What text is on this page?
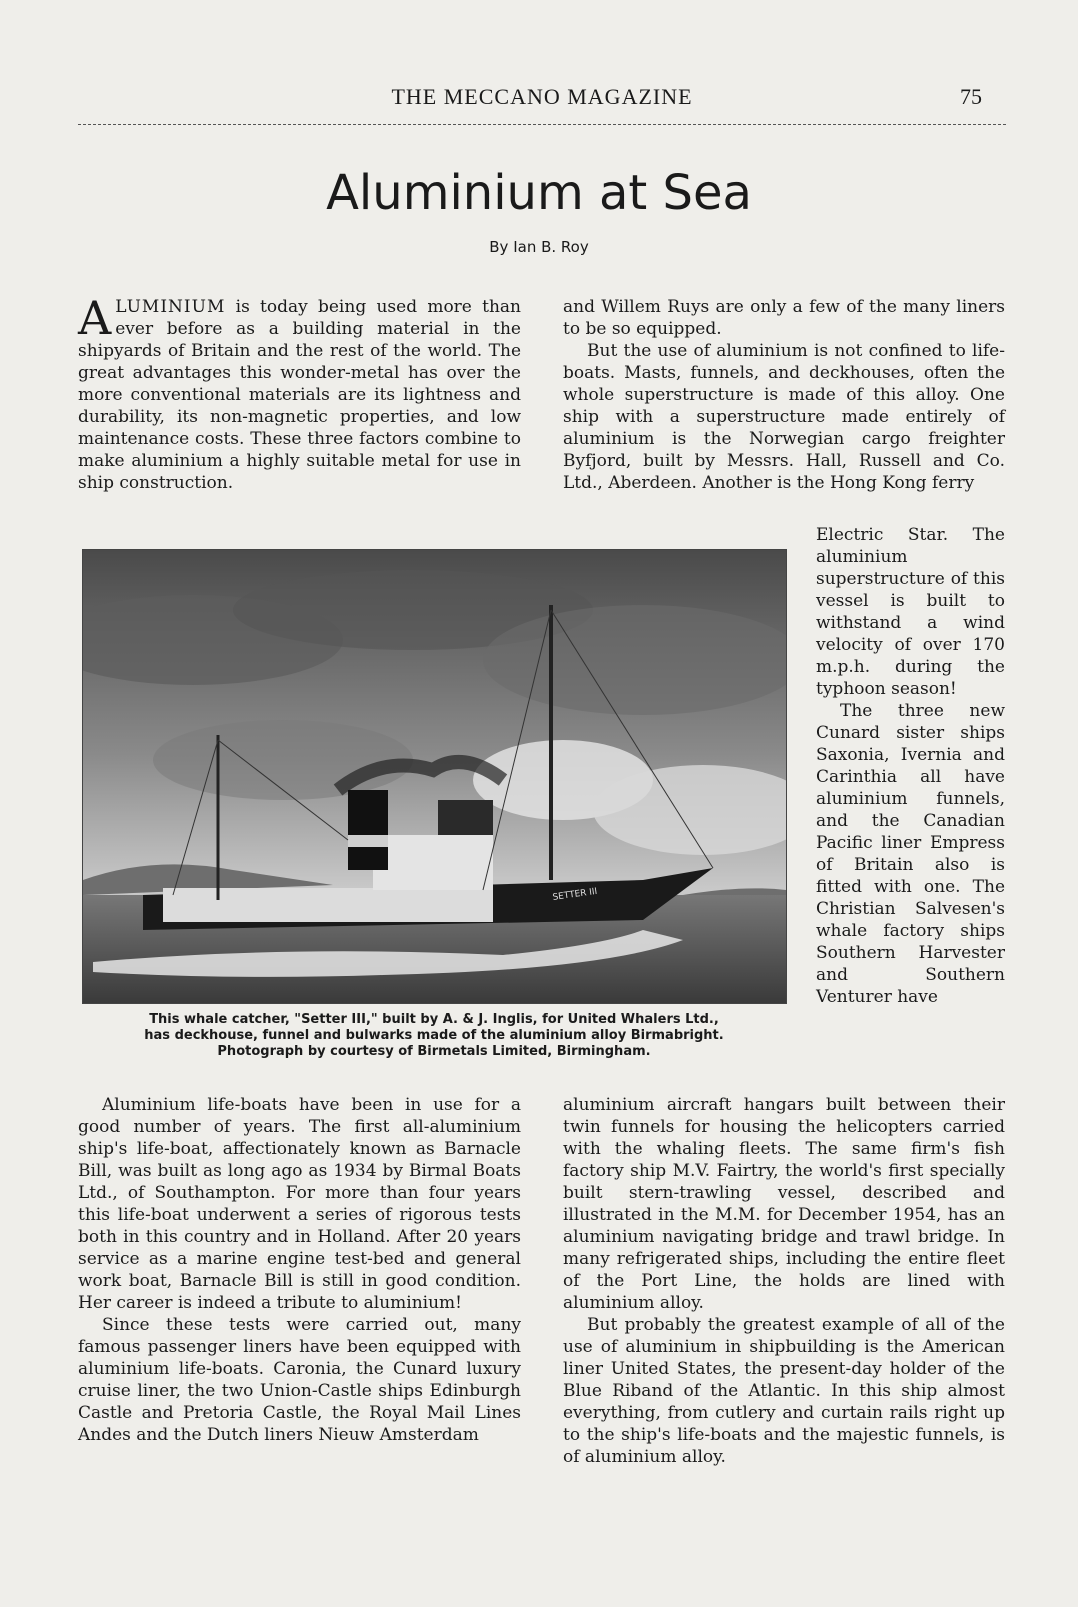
THE MECCANO MAGAZINE	75
Aluminium at Sea
By Ian B. Roy

ALUMINIUM is today being used more than ever before as a building material in the shipyards of Britain and the rest of the world. The great advantages this wonder-metal has over the more conventional materials are its lightness and durability, its non-magnetic properties, and low maintenance costs. These three factors combine to make aluminium a highly suitable metal for use in ship construction.

and Willem Ruys are only a few of the many liners to be so equipped.

But the use of aluminium is not confined to life-boats. Masts, funnels, and deckhouses, often the whole superstructure is made of this alloy. One ship with a superstructure made entirely of aluminium is the Norwegian cargo freighter Byfjord, built by Messrs. Hall, Russell and Co. Ltd., Aberdeen. Another is the Hong Kong ferry

SETTER III
This whale catcher, "Setter III," built by A. & J. Inglis, for United Whalers Ltd.,
has deckhouse, funnel and bulwarks made of the aluminium alloy Birmabright.
Photograph by courtesy of Birmetals Limited, Birmingham.

Electric Star. The aluminium superstructure of this vessel is built to withstand a wind velocity of over 170 m.p.h. during the typhoon season!

The three new Cunard sister ships Saxonia, Ivernia and Carinthia all have aluminium funnels, and the Canadian Pacific liner Empress of Britain also is fitted with one. The Christian Salvesen's whale factory ships Southern Harvester and Southern Venturer have

Aluminium life-boats have been in use for a good number of years. The first all-aluminium ship's life-boat, affectionately known as Barnacle Bill, was built as long ago as 1934 by Birmal Boats Ltd., of Southampton. For more than four years this life-boat underwent a series of rigorous tests both in this country and in Holland. After 20 years service as a marine engine test-bed and general work boat, Barnacle Bill is still in good condition. Her career is indeed a tribute to aluminium!

Since these tests were carried out, many famous passenger liners have been equipped with aluminium life-boats. Caronia, the Cunard luxury cruise liner, the two Union-Castle ships Edinburgh Castle and Pretoria Castle, the Royal Mail Lines Andes and the Dutch liners Nieuw Amsterdam

aluminium aircraft hangars built between their twin funnels for housing the helicopters carried with the whaling fleets. The same firm's fish factory ship M.V. Fairtry, the world's first specially built stern-trawling vessel, described and illustrated in the M.M. for December 1954, has an aluminium navigating bridge and trawl bridge. In many refrigerated ships, including the entire fleet of the Port Line, the holds are lined with aluminium alloy.

But probably the greatest example of all of the use of aluminium in shipbuilding is the American liner United States, the present-day holder of the Blue Riband of the Atlantic. In this ship almost everything, from cutlery and curtain rails right up to the ship's life-boats and the majestic funnels, is of aluminium alloy.
